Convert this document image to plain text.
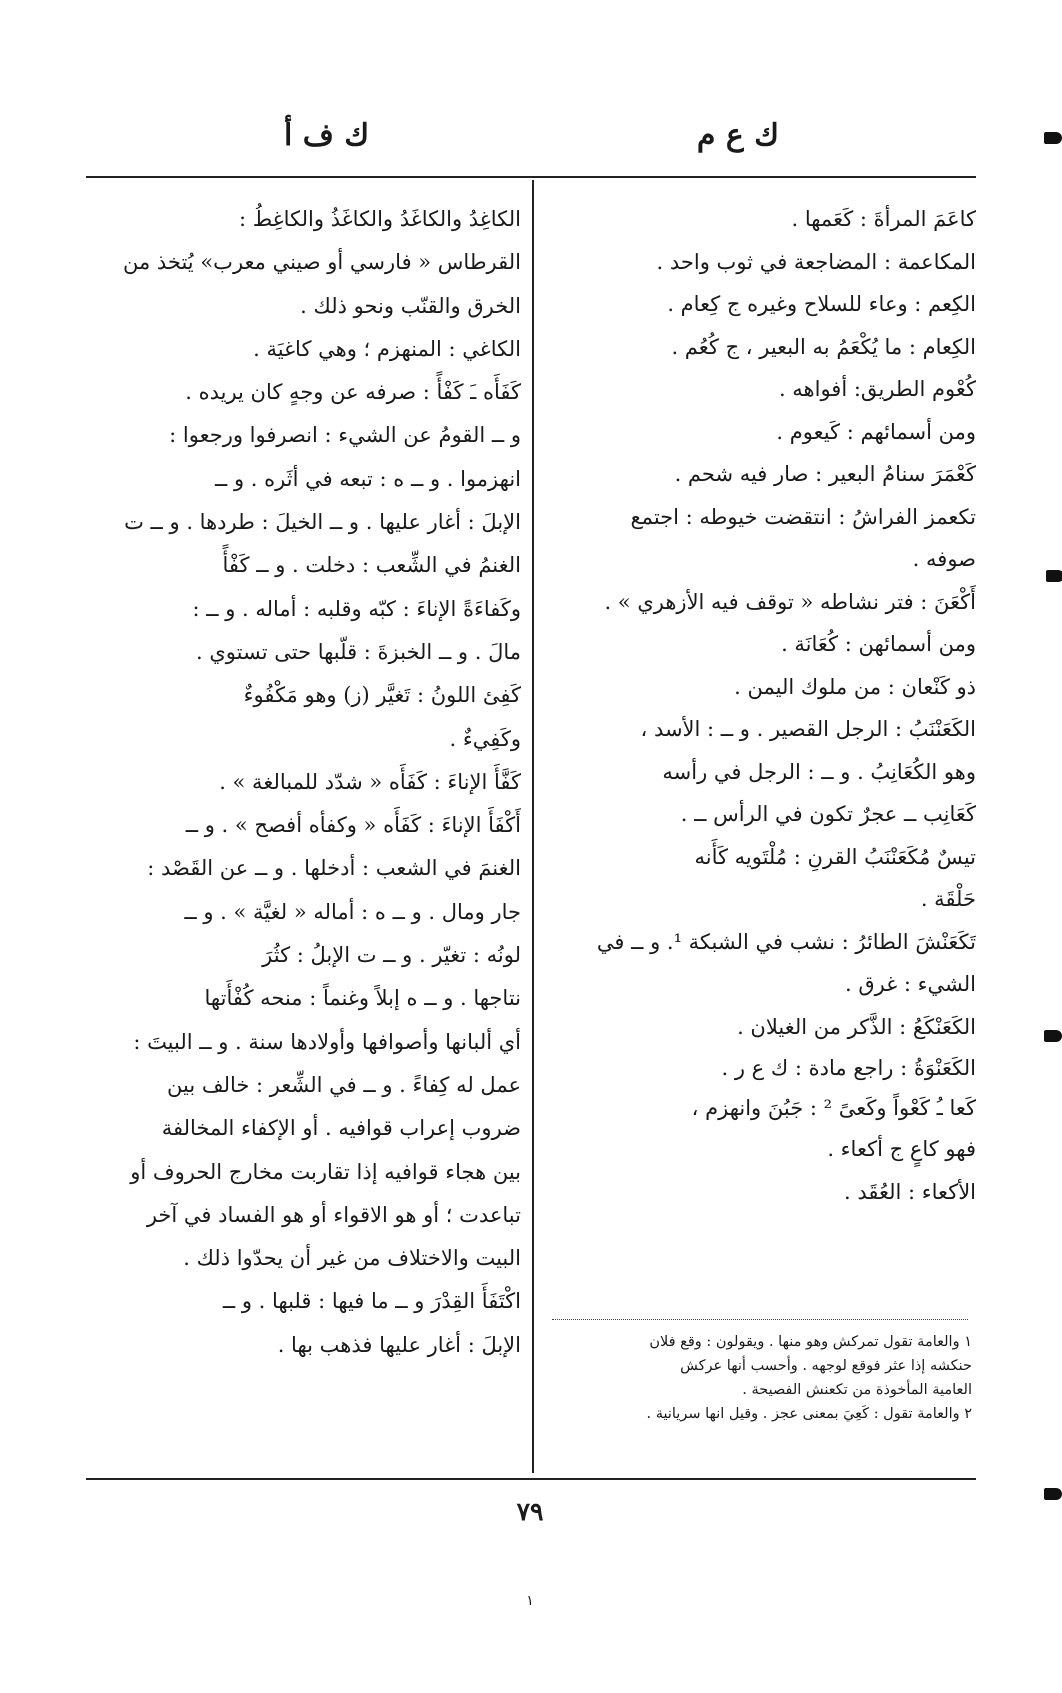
ك ع م
ك ف أ
كاعَمَ المرأةَ : كَعَمها .
المكاعمة : المضاجعة في ثوب واحد .
الكِعم : وعاء للسلاح وغيره ج كِعام .
الكِعام : ما يُكْعَمُ به البعير ، ج كُعُم .
كُعْوم الطريق: أفواهه .
ومن أسمائهم : كَيعوم .
كَعْمَرَ سنامُ البعير : صار فيه شحم .
تكعمز الفراشُ : انتقضت خيوطه : اجتمع
صوفه .
أَكْعَنَ : فتر نشاطه « توقف فيه الأزهري » .
ومن أسمائهن : كُعَانَة .
ذو كَنْعان : من ملوك اليمن .
الكَعَنْنَبُ : الرجل القصير . و ــ : الأسد ،
وهو الكُعَانِبُ . و ــ : الرجل في رأسه
كَعَانِب ــ عجرٌ تكون في الرأس ــ .
تيسٌ مُكَعَنْنَبُ القرنِ : مُلْتَويه كَأَنه
حَلْقَة .
تَكَعَنْشَ الطائرُ : نشب في الشبكة ¹. و ــ في
الشيء : غرق .
الكَعَنْكَعُ : الذَّكر من الغيلان .
الكَعَنْوَةُ : راجع مادة : ك ع ر .
كَعا ـُ كَعْواً وكَعىً ² : جَبُنَ وانهزم ،
فهو كاعٍ ج أكعاء .
الأكعاء : العُقَد .
الكاغِدُ والكاغَدُ والكاغَذُ والكاغِطُ :
القرطاس « فارسي أو صيني معرب» يُتخذ من
الخرق والقنّب ونحو ذلك .
الكاغي : المنهزم ؛ وهي كاغيَة .
كَفَأَه ـَ كَفْأً : صرفه عن وجهٍ كان يريده .
و ــ القومُ عن الشيء : انصرفوا ورجعوا :
انهزموا . و ــ ه : تبعه في أثَره . و ــ
الإبلَ : أغار عليها . و ــ الخيلَ : طردها . و ــ ت
الغنمُ في الشِّعب : دخلت . و ــ كَفْأً
وكَفاءَةً الإناءَ : كبّه وقلبه : أماله . و ــ :
مالَ . و ــ الخبزةَ : قلّبها حتى تستوي .
كَفِئ اللونُ : تَغيَّر (ز) وهو مَكْفُوءٌ
وكَفِيءٌ .
كَفَّأَ الإناءَ : كَفَأَه « شدّد للمبالغة » .
أَكْفَأَ الإناءَ : كَفَأَه « وكفأه أفصح » . و ــ
الغنمَ في الشعب : أدخلها . و ــ عن القَصْد :
جار ومال . و ــ ه : أماله « لغيَّة » . و ــ
لونُه : تغيّر . و ــ ت الإبلُ : كثُرَ
نتاجها . و ــ ه إبلاً وغنماً : منحه كُفْأَتها
أي ألبانها وأصوافها وأولادها سنة . و ــ البيتَ :
عمل له كِفاءً . و ــ في الشِّعر : خالف بين
ضروب إعراب قوافيه . أو الإكفاء المخالفة
بين هجاء قوافيه إذا تقاربت مخارج الحروف أو
تباعدت ؛ أو هو الاقواء أو هو الفساد في آخر
البيت والاختلاف من غير أن يحدّوا ذلك .
اكْتَفَأَ القِدْرَ و ــ ما فيها : قلبها . و ــ
الإبلَ : أغار عليها فذهب بها .	١ والعامة تقول تمركش وهو منها . ويقولون : وقع فلان
حنكشه إذا عثر فوقع لوجهه . وأحسب أنها عركش
العامية المأخوذة من تكعنش الفصيحة .
٢ والعامة تقول : كَعِيَ بمعنى عجز . وقيل انها سريانية .
٧٩
١
